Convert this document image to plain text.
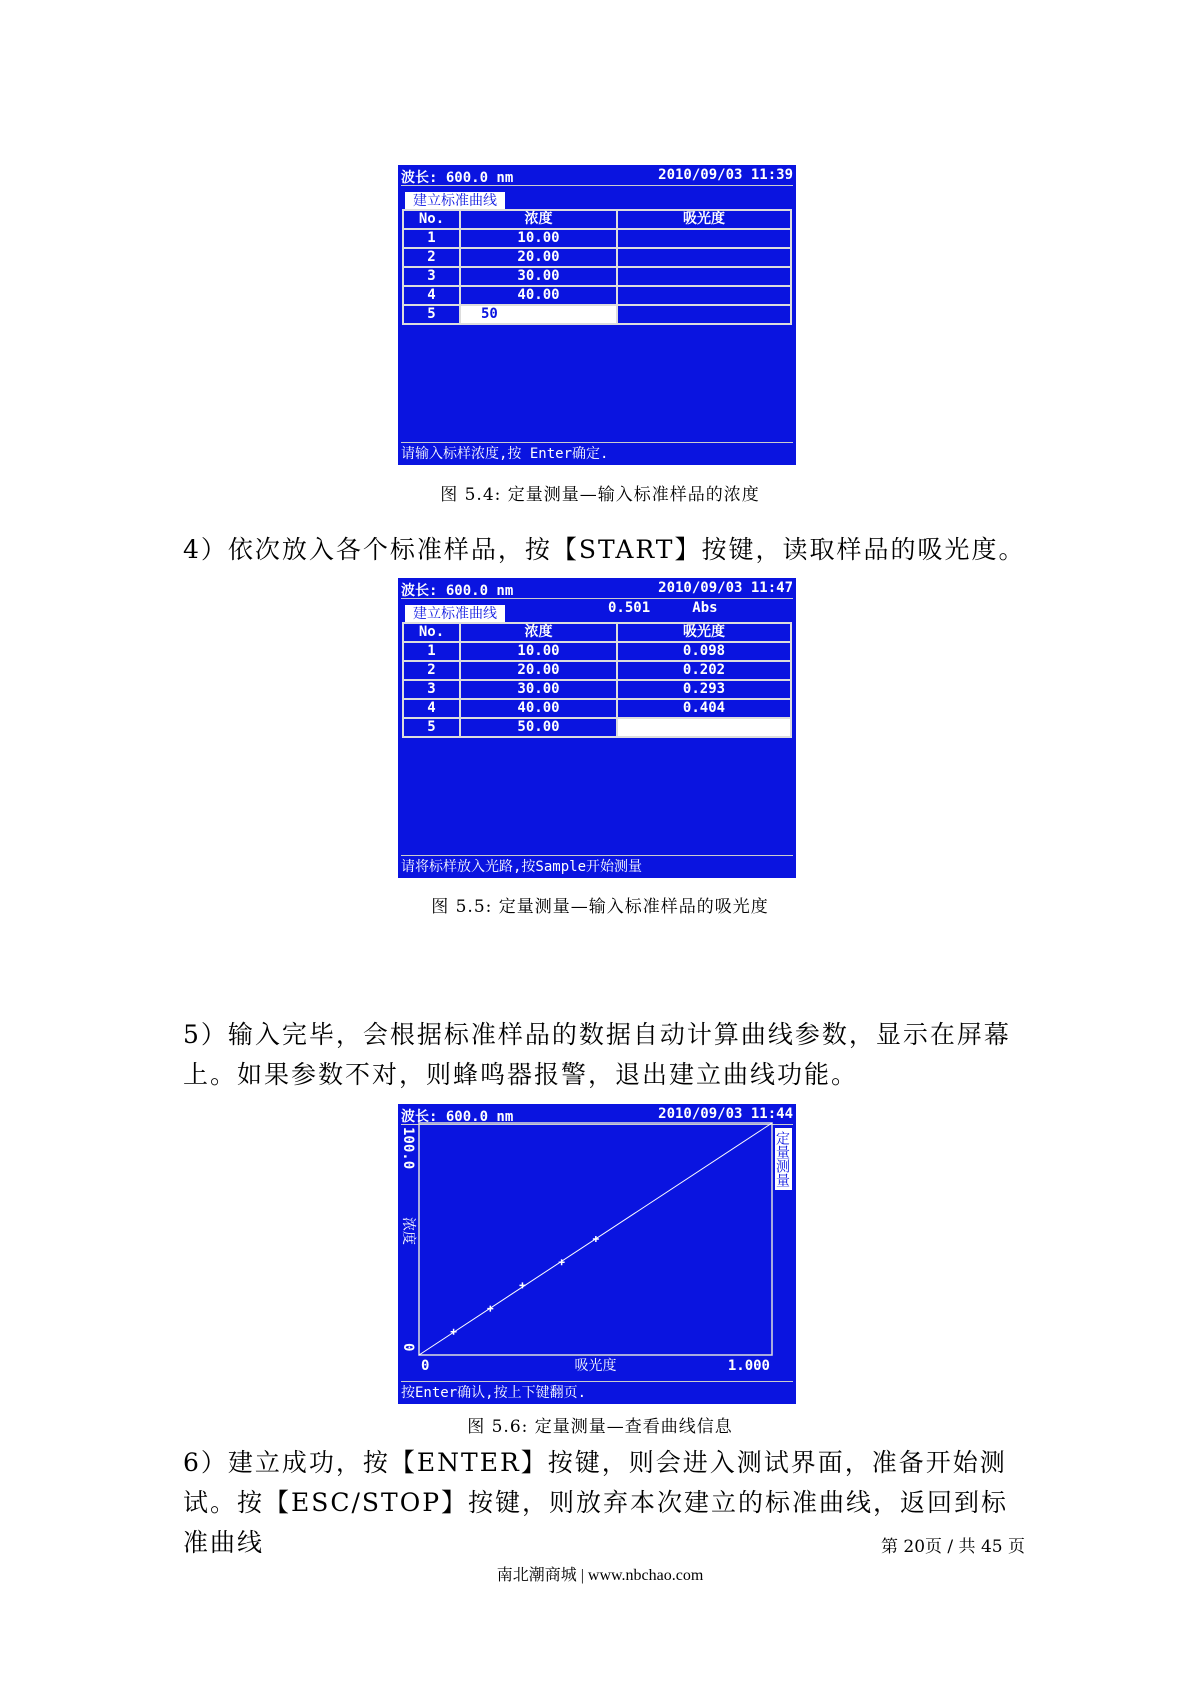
波长: 600.0 nm	2010/09/03 11:39
建立标准曲线
No.	浓度	吸光度
1	10.00	
2	20.00	
3	30.00	
4	40.00	
5	50	
请输入标样浓度,按 Enter确定.
图 5.4: 定量测量—输入标准样品的浓度
4）依次放入各个标准样品，按【START】按键，读取样品的吸光度。
波长: 600.0 nm	2010/09/03 11:47
0.501     Abs
建立标准曲线
No.	浓度	吸光度
1	10.00	0.098
2	20.00	0.202
3	30.00	0.293
4	40.00	0.404
5	50.00	
请将标样放入光路,按Sample开始测量
图 5.5: 定量测量—输入标准样品的吸光度
5）输入完毕，会根据标准样品的数据自动计算曲线参数，显示在屏幕上。如果参数不对，则蜂鸣器报警，退出建立曲线功能。
波长: 600.0 nm	2010/09/03 11:44
0	1.000
吸光度
100.0
0
浓度
定量测量
按Enter确认,按上下键翻页.
图 5.6: 定量测量—查看曲线信息
6）建立成功，按【ENTER】按键，则会进入测试界面，准备开始测试。按【ESC/STOP】按键，则放弃本次建立的标准曲线，返回到标准曲线	第 20页 / 共 45 页
南北潮商城 | www.nbchao.com
